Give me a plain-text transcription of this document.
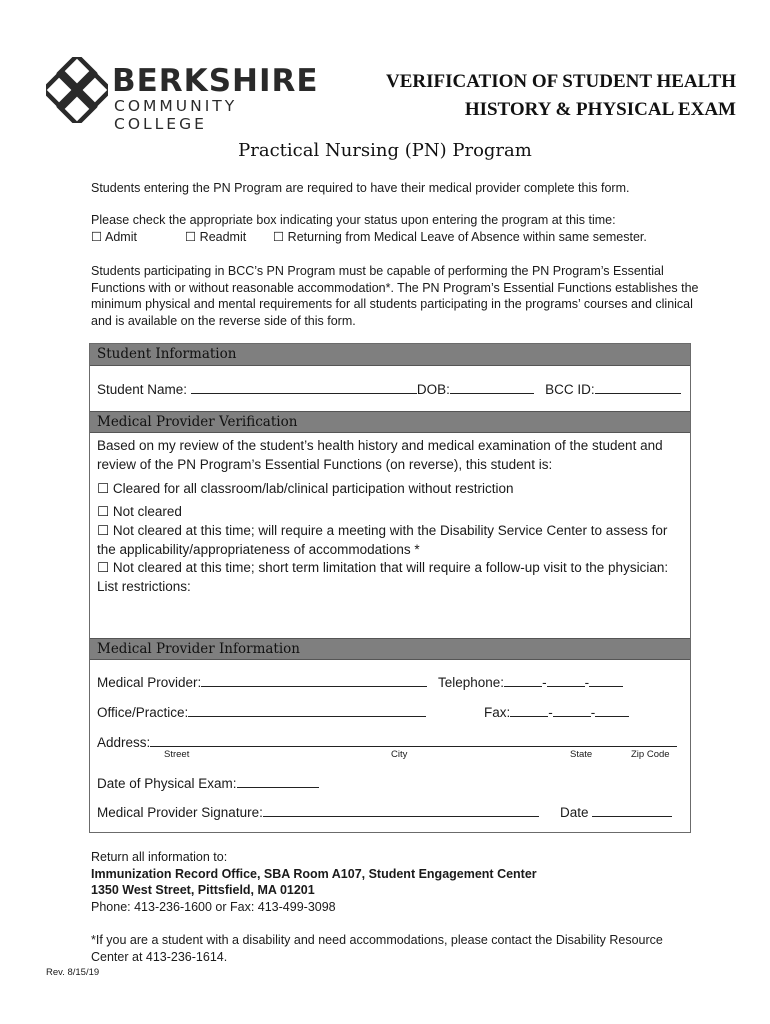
BERKSHIRE
COMMUNITY COLLEGE
VERIFICATION OF STUDENT HEALTH
HISTORY & PHYSICAL EXAM
Practical Nursing (PN) Program
Students entering the PN Program are required to have their medical provider complete this form.
Please check the appropriate box indicating your status upon entering the program at this time:
☐ Admit	☐ Readmit ☐ Returning from Medical Leave of Absence within same semester.
Students participating in BCC’s PN Program must be capable of performing the PN Program’s Essential Functions with or without reasonable accommodation*. The PN Program’s Essential Functions establishes the minimum physical and mental requirements for all students participating in the programs’ courses and clinical and is available on the reverse side of this form.
Student Information
Student Name:	DOB:	BCC ID:
Medical Provider Verification
Based on my review of the student’s health history and medical examination of the student and review of the PN Program’s Essential Functions (on reverse), this student is:
☐ Cleared for all classroom/lab/clinical participation without restriction
☐ Not cleared
☐ Not cleared at this time; will require a meeting with the Disability Service Center to assess for the applicability/appropriateness of accommodations *
☐ Not cleared at this time; short term limitation that will require a follow-up visit to the physician: List restrictions:
Medical Provider Information
Medical Provider:	Telephone:	-	-
Office/Practice:	Fax:	-	-
Address:
Street	City	State	Zip Code
Date of Physical Exam:
Medical Provider Signature:	Date
Return all information to:
Immunization Record Office, SBA Room A107, Student Engagement Center
1350 West Street, Pittsfield, MA 01201
Phone: 413-236-1600 or Fax: 413-499-3098
*If you are a student with a disability and need accommodations, please contact the Disability Resource Center at 413-236-1614.
Rev. 8/15/19
